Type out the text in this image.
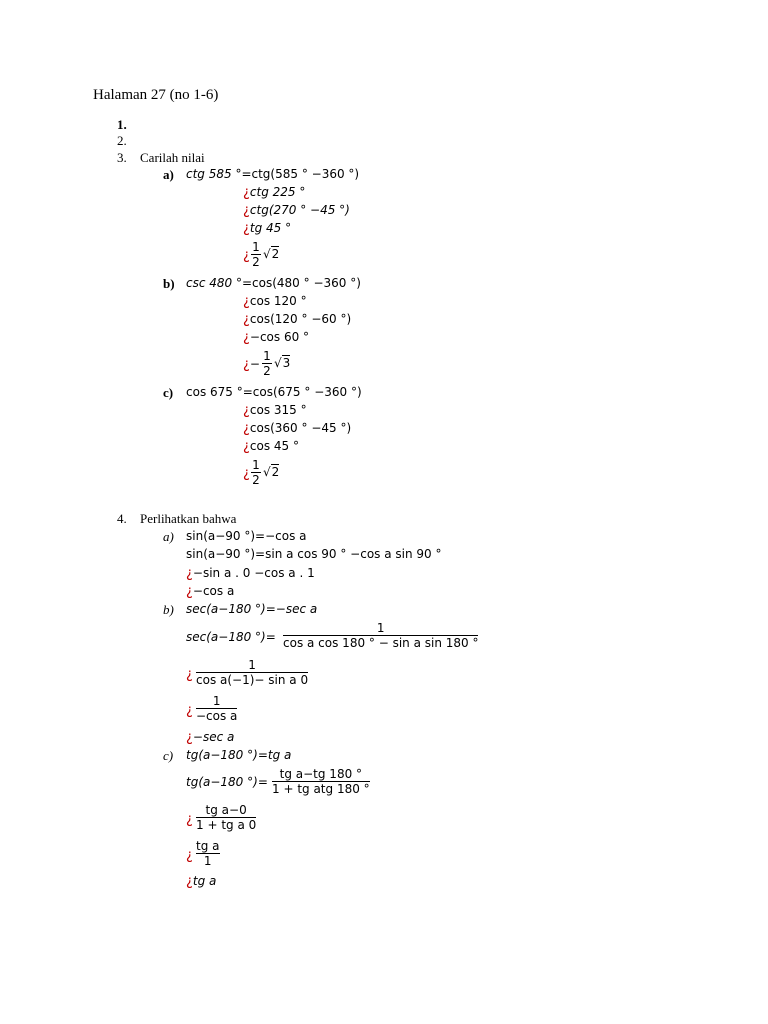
Halaman 27 (no 1-6)
1.
2.
3. Carilah nilai
a) ctg 585 °=ctg(585 ° −360 °)
¿ctg 225 °
¿ctg(270 ° −45 °)
¿tg 45 °
¿
1
2
√2
b) csc 480 °=cos(480 ° −360 °)
¿cos 120 °
¿cos(120 ° −60 °)
¿−cos 60 °
¿−
1
2
√3
c) cos 675 °=cos(675 ° −360 °)
¿cos 315 °
¿cos(360 ° −45 °)
¿cos 45 °
¿
1
2
√2
4. Perlihatkan bahwa
a) sin(a−90 °)=−cos a
sin(a−90 °)=sin a cos 90 ° −cos a sin 90 °
¿−sin a . 0 −cos a . 1
¿−cos a
b) sec(a−180 °)=−sec a
sec(a−180 °)=
1
cos a cos 180 ° − sin a sin 180 °
¿
1
cos a(−1)− sin a 0
¿
1
−cos a
¿−sec a
c) tg(a−180 °)=tg a
tg(a−180 °)=
tg a−tg 180 °
1 + tg atg 180 °
¿
tg a−0
1 + tg a 0
¿
tg a
1
¿tg a
